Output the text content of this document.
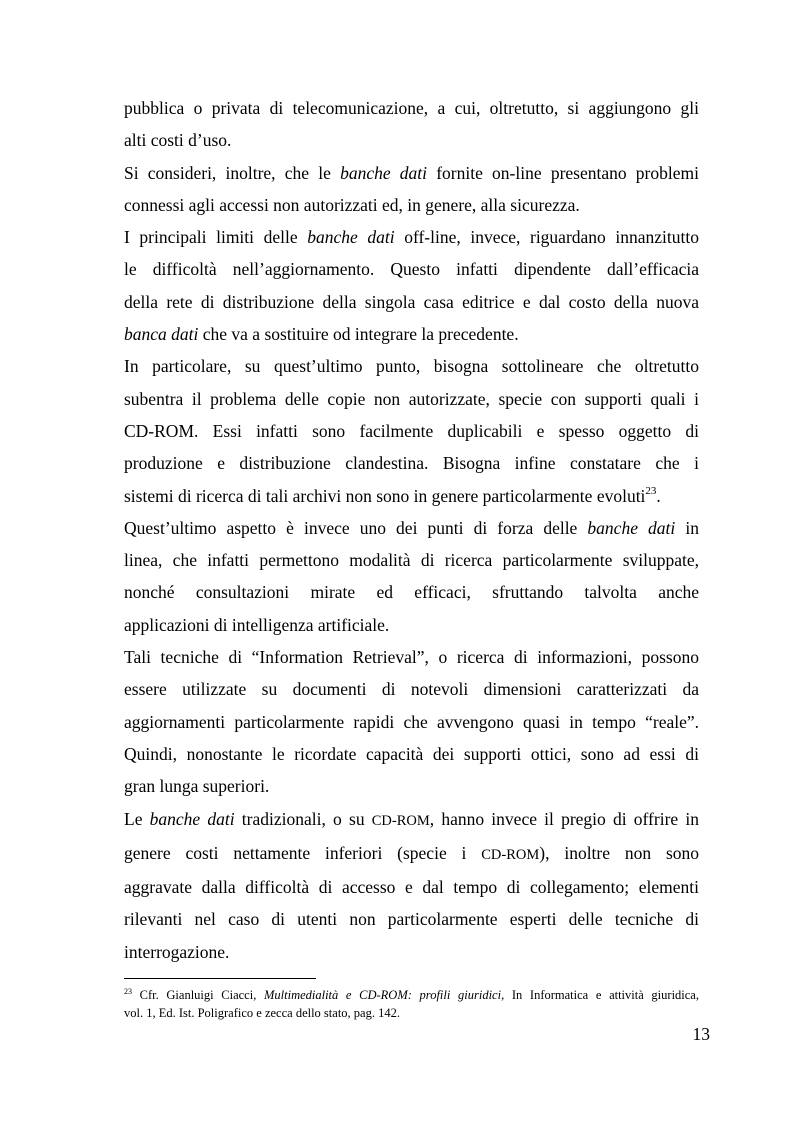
pubblica o privata di telecomunicazione, a cui, oltretutto, si aggiungono gli
alti costi d’uso.

Si consideri, inoltre, che le banche dati fornite on-line presentano problemi
connessi agli accessi non autorizzati ed, in genere, alla sicurezza.

I principali limiti delle banche dati off-line, invece, riguardano innanzitutto
le difficoltà nell’aggiornamento. Questo infatti dipendente dall’efficacia
della rete di distribuzione della singola casa editrice e dal costo della nuova
banca dati che va a sostituire od integrare la precedente.

In particolare, su quest’ultimo punto, bisogna sottolineare che oltretutto
subentra il problema delle copie non autorizzate, specie con supporti quali i
CD-ROM. Essi infatti sono facilmente duplicabili e spesso oggetto di
produzione e distribuzione clandestina. Bisogna infine constatare che i
sistemi di ricerca di tali archivi non sono in genere particolarmente evoluti$^{23}$.

Quest’ultimo aspetto è invece uno dei punti di forza delle banche dati in
linea, che infatti permettono modalità di ricerca particolarmente sviluppate,
nonché consultazioni mirate ed efficaci, sfruttando talvolta anche
applicazioni di intelligenza artificiale.

Tali tecniche di “Information Retrieval”, o ricerca di informazioni, possono
essere utilizzate su documenti di notevoli dimensioni caratterizzati da
aggiornamenti particolarmente rapidi che avvengono quasi in tempo “reale”.
Quindi, nonostante le ricordate capacità dei supporti ottici, sono ad essi di
gran lunga superiori.

Le banche dati tradizionali, o su CD-ROM, hanno invece il pregio di offrire in
genere costi nettamente inferiori (specie i CD-ROM), inoltre non sono
aggravate dalla difficoltà di accesso e dal tempo di collegamento; elementi
rilevanti nel caso di utenti non particolarmente esperti delle tecniche di
interrogazione.

$^{23}$ Cfr. Gianluigi Ciacci, Multimedialità e CD-ROM: profili giuridici, In Informatica e attività giuridica,
vol. 1, Ed. Ist. Poligrafico e zecca dello stato, pag. 142.
13
